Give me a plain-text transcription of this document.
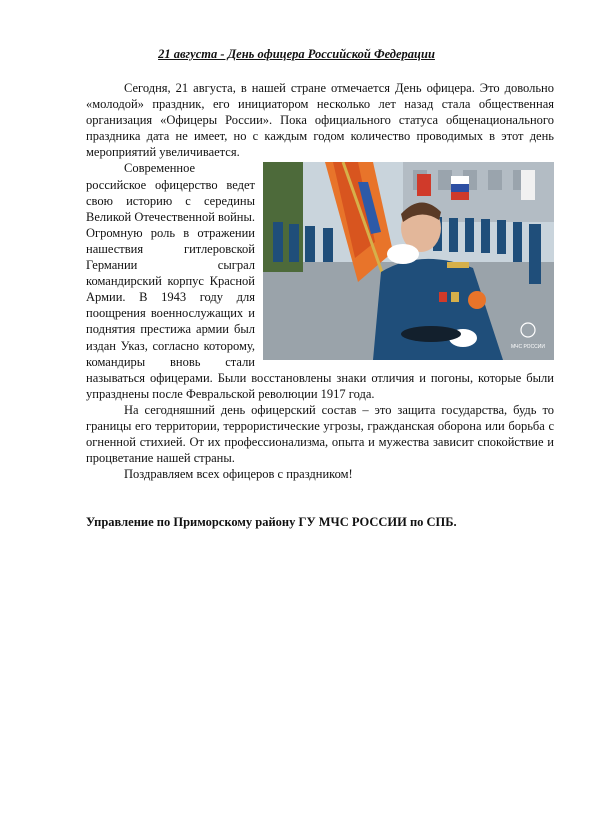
21 августа - День офицера Российской Федерации

Сегодня, 21 августа, в нашей стране отмечается День офицера. Это довольно «молодой» праздник, его инициатором несколько лет назад стала общественная организация «Офицеры России». Пока официального статуса общенационального праздника дата не имеет, но с каждым годом количество проводимых в этот день мероприятий увеличивается.

МЧС РОССИИ

Современное российское офицерство ведет свою историю с середины Великой Отечественной войны. Огромную роль в отражении нашествия гитлеровской Германии сыграл командирский корпус Красной Армии. В 1943 году для поощрения военнослужащих и поднятия престижа армии был издан Указ, согласно которому, командиры вновь стали называться офицерами. Были восстановлены знаки отличия и погоны, которые были упразднены после Февральской революции 1917 года.

На сегодняшний день офицерский состав – это защита государства, будь то границы его территории, террористические угрозы, гражданская оборона или борьба с огненной стихией. От их профессионализма, опыта и мужества зависит спокойствие и процветание нашей страны.

Поздравляем всех офицеров с праздником!

Управление по Приморскому району ГУ МЧС РОССИИ по СПБ.
